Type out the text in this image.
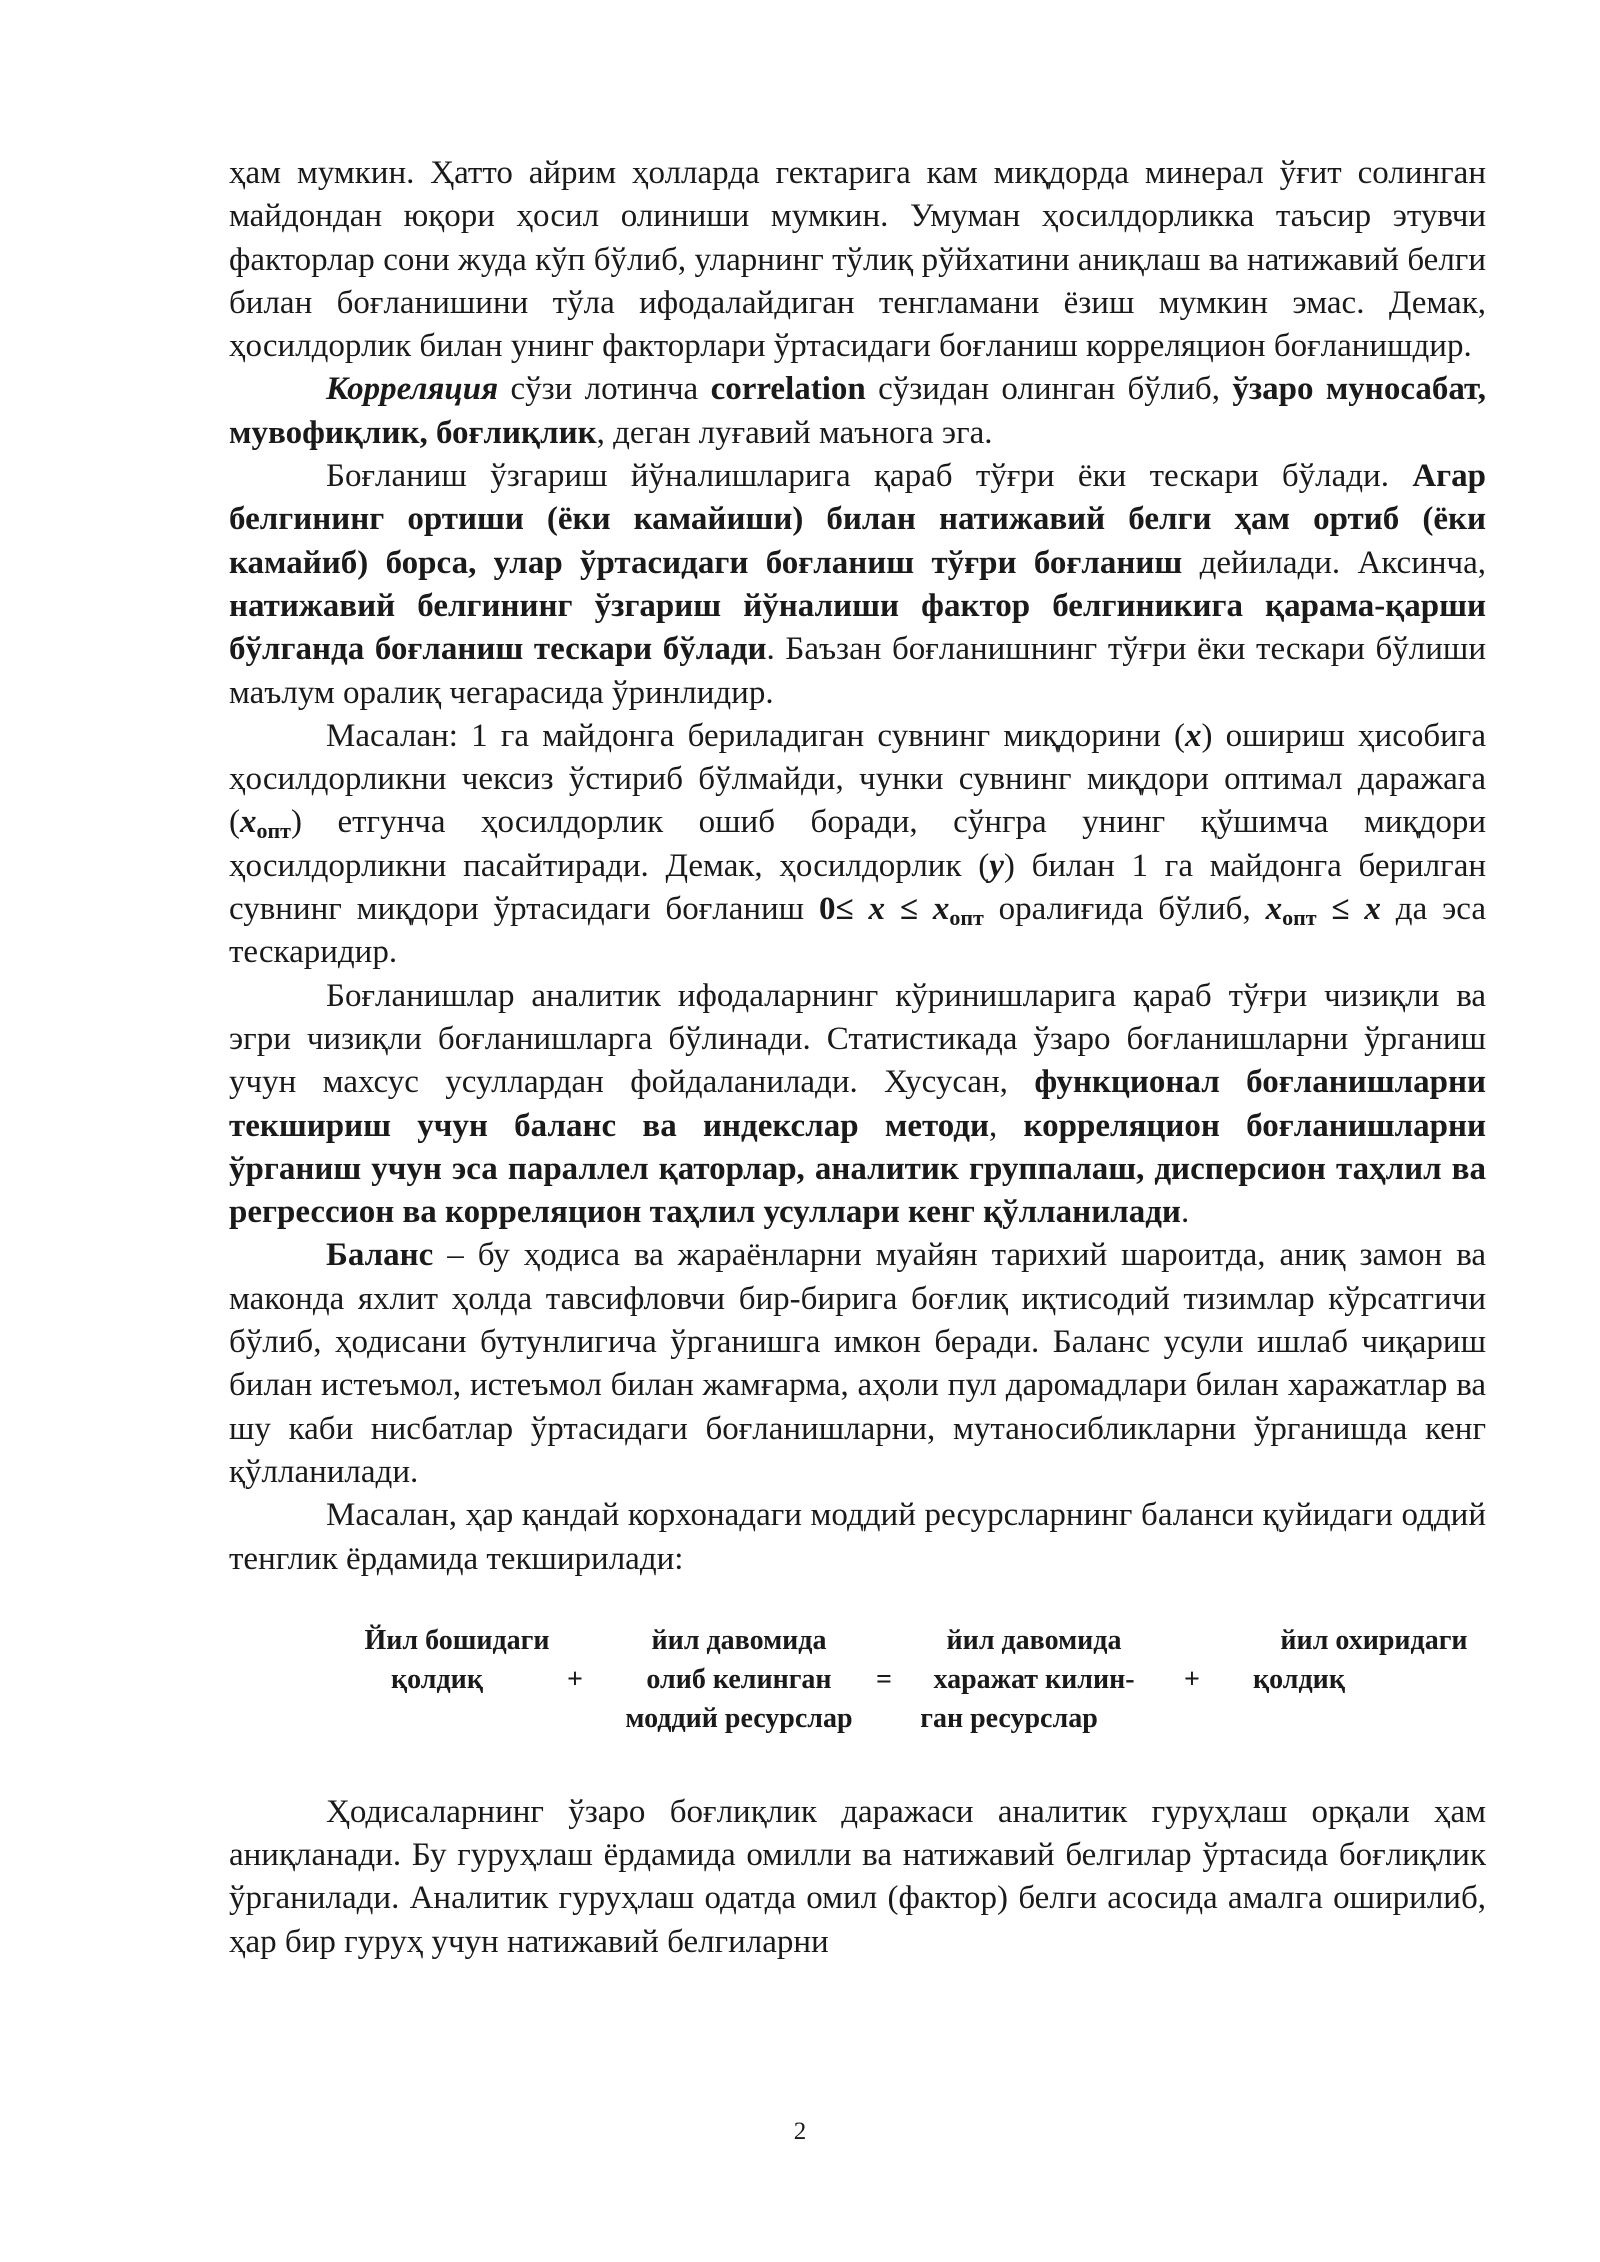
ҳам мумкин. Ҳатто айрим ҳолларда гектарига кам миқдорда минерал ўғит солинган майдондан юқори ҳосил олиниши мумкин. Умуман ҳосилдорликка таъсир этувчи факторлар сони жуда кўп бўлиб, уларнинг тўлиқ рўйхатини аниқлаш ва натижавий белги билан боғланишини тўла ифодалайдиган тенгламани ёзиш мумкин эмас. Демак, ҳосилдорлик билан унинг факторлари ўртасидаги боғланиш корреляцион боғланишдир.

Корреляция сўзи лотинча correlation сўзидан олинган бўлиб, ўзаро муносабат, мувофиқлик, боғлиқлик, деган луғавий маънога эга.

Боғланиш ўзгариш йўналишларига қараб тўғри ёки тескари бўлади. Агар белгининг ортиши (ёки камайиши) билан натижавий белги ҳам ортиб (ёки камайиб) борса, улар ўртасидаги боғланиш тўғри боғланиш дейилади. Аксинча, натижавий белгининг ўзгариш йўналиши фактор белгиникига қарама-қарши бўлганда боғланиш тескари бўлади. Баъзан боғланишнинг тўғри ёки тескари бўлиши маълум оралиқ чегарасида ўринлидир.

Масалан: 1 га майдонга бериладиган сувнинг миқдорини (x) ошириш ҳисобига ҳосилдорликни чексиз ўстириб бўлмайди, чунки сувнинг миқдори оптимал даражага $(x_{опт})$ етгунча ҳосилдорлик ошиб боради, сўнгра унинг қўшимча миқдори ҳосилдорликни пасайтиради. Демак, ҳосилдорлик (y) билан 1 га майдонга берилган сувнинг миқдори ўртасидаги боғланиш $0\le x \le x_{опт}$ оралиғида бўлиб, $x_{опт} \le x$ да эса тескаридир.

Боғланишлар аналитик ифодаларнинг кўринишларига қараб тўғри чизиқли ва эгри чизиқли боғланишларга бўлинади. Статистикада ўзаро боғланишларни ўрганиш учун махсус усуллардан фойдаланилади. Хусусан, функционал боғланишларни текшириш учун баланс ва индекслар методи, корреляцион боғланишларни ўрганиш учун эса параллел қаторлар, аналитик группалаш, дисперсион таҳлил ва регрессион ва корреляцион таҳлил усуллари кенг қўлланилади.

Баланс – бу ҳодиса ва жараёнларни муайян тарихий шароитда, аниқ замон ва маконда яхлит ҳолда тавсифловчи бир-бирига боғлиқ иқтисодий тизимлар кўрсатгичи бўлиб, ҳодисани бутунлигича ўрганишга имкон беради. Баланс усули ишлаб чиқариш билан истеъмол, истеъмол билан жамғарма, аҳоли пул даромадлари билан харажатлар ва шу каби нисбатлар ўртасидаги боғланишларни, мутаносибликларни ўрганишда кенг қўлланилади.

Масалан, ҳар қандай корхонадаги моддий ресурсларнинг баланси қуйидаги оддий тенглик ёрдамида текширилади:

Йил бошидаги
қолдиқ	+
йил давомида
олиб келинган
моддий ресурслар
=
йил давомида
харажат килин-
ган ресурслар
+
йил охиридаги
қолдиқ

Ҳодисаларнинг ўзаро боғлиқлик даражаси аналитик гуруҳлаш орқали ҳам аниқланади. Бу гуруҳлаш ёрдамида омилли ва натижавий белгилар ўртасида боғлиқлик ўрганилади. Аналитик гуруҳлаш одатда омил (фактор) белги асосида амалга оширилиб, ҳар бир гуруҳ учун натижавий белгиларни

2
